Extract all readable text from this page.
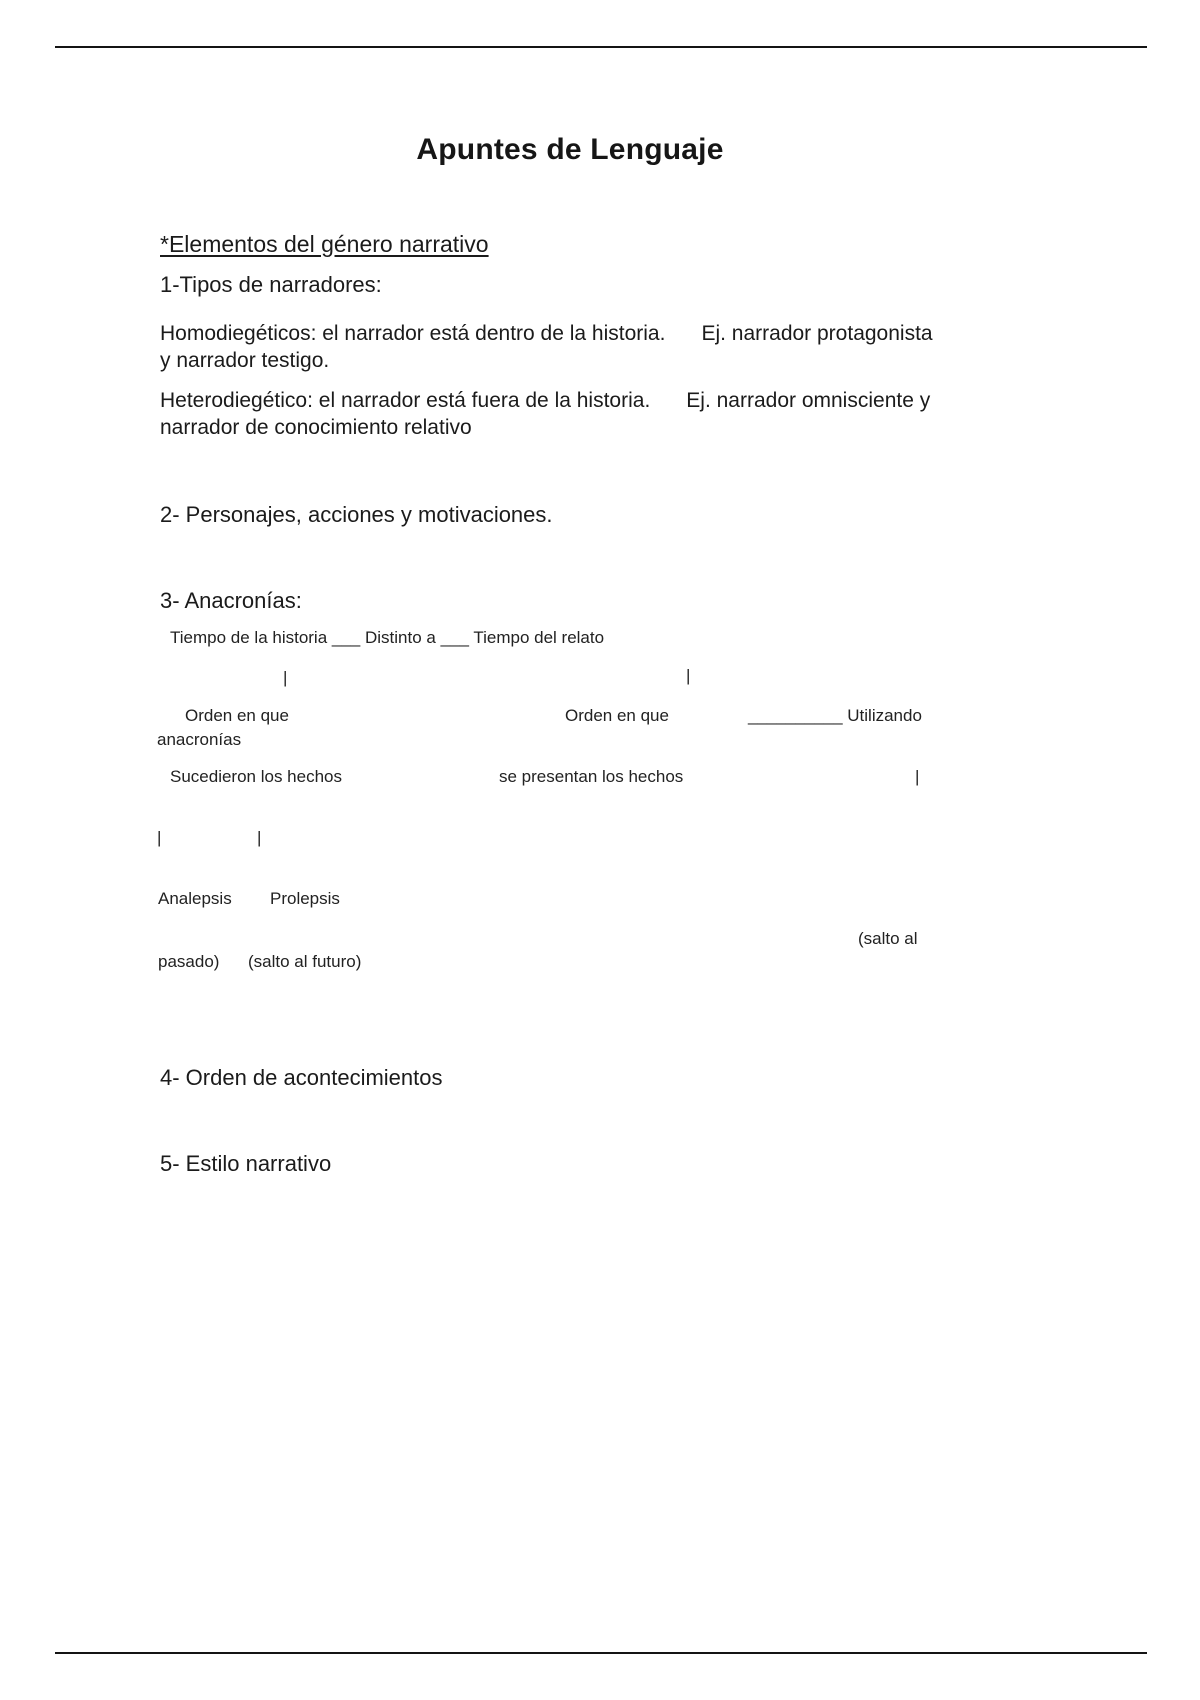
Apuntes de Lenguaje
*Elementos del género narrativo
1-Tipos de narradores:
Homodiegéticos: el narrador está dentro de la historia. Ej. narrador protagonista
y narrador testigo.
Heterodiegético: el narrador está fuera de la historia. Ej. narrador omnisciente y
narrador de conocimiento relativo
2- Personajes, acciones y motivaciones.
3- Anacronías:
Tiempo de la historia ___ Distinto a ___ Tiempo del relato
|	|
Orden en que	Orden en que	__________ Utilizando
anacronías
Sucedieron los hechos	se presentan los hechos	|
|	|
Analepsis Prolepsis
(salto al
pasado) (salto al futuro)
4- Orden de acontecimientos
5- Estilo narrativo
